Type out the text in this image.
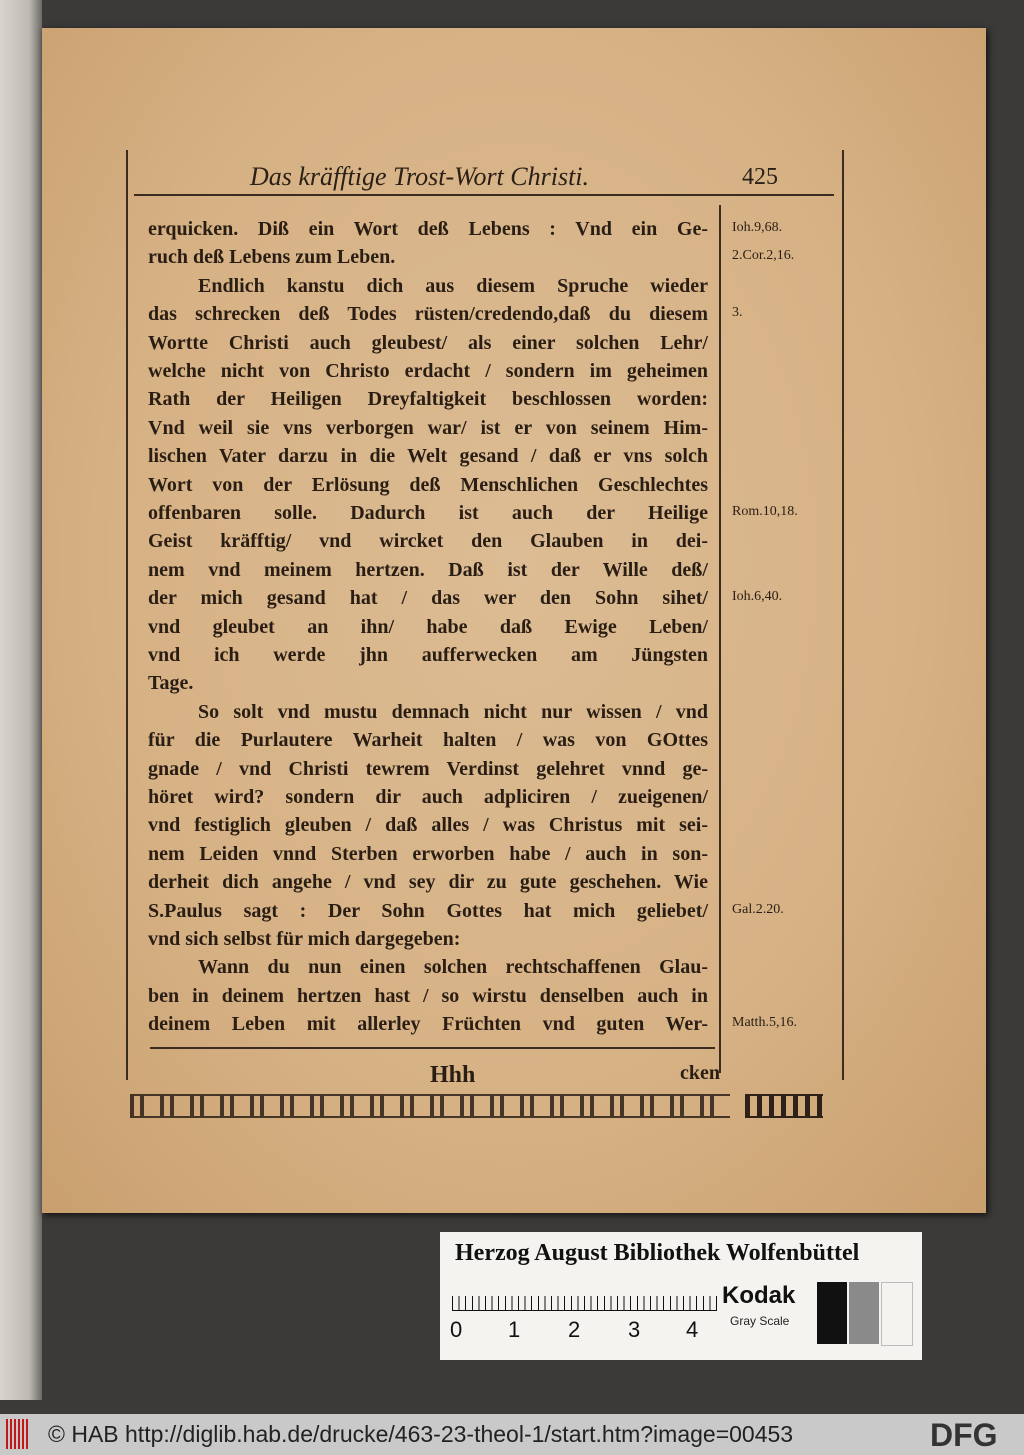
Das kräfftige Trost-Wort Christi.	425
erquicken. Diß ein Wort deß Lebens : Vnd ein Ge- Ioh.9,68.
ruch deß Lebens zum Leben.	2.Cor.2,16.
Endlich kanstu dich aus diesem Spruche wieder
das schrecken deß Todes rüsten/credendo,daß du diesem 3.
Wortte Christi auch gleubest/ als einer solchen Lehr/
welche nicht von Christo erdacht / sondern im geheimen
Rath der Heiligen Dreyfaltigkeit beschlossen worden:
Vnd weil sie vns verborgen war/ ist er von seinem Him-
lischen Vater darzu in die Welt gesand / daß er vns solch
Wort von der Erlösung deß Menschlichen Geschlechtes
offenbaren solle. Dadurch ist auch der Heilige Rom.10,18.
Geist kräfftig/ vnd wircket den Glauben in dei-
nem vnd meinem hertzen. Daß ist der Wille deß/
der mich gesand hat / das wer den Sohn sihet/ Ioh.6,40.
vnd gleubet an ihn/ habe daß Ewige Leben/
vnd ich werde jhn aufferwecken am Jüngsten
Tage.
So solt vnd mustu demnach nicht nur wissen / vnd
für die Purlautere Warheit halten / was von GOttes
gnade / vnd Christi tewrem Verdinst gelehret vnnd ge-
höret wird? sondern dir auch adpliciren / zueigenen/
vnd festiglich gleuben / daß alles / was Christus mit sei-
nem Leiden vnnd Sterben erworben habe / auch in son-
derheit dich angehe / vnd sey dir zu gute geschehen. Wie
S.Paulus sagt : Der Sohn Gottes hat mich geliebet/ Gal.2.20.
vnd sich selbst für mich dargegeben:
Wann du nun einen solchen rechtschaffenen Glau-
ben in deinem hertzen hast / so wirstu denselben auch in
deinem Leben mit allerley Früchten vnd guten Wer- Matth.5,16.
Hhh	cken
Herzog August Bibliothek Wolfenbüttel
0 1 2 3 4
Kodak
Gray Scale
© HAB http://diglib.hab.de/drucke/463-23-theol-1/start.htm?image=00453	DFG
